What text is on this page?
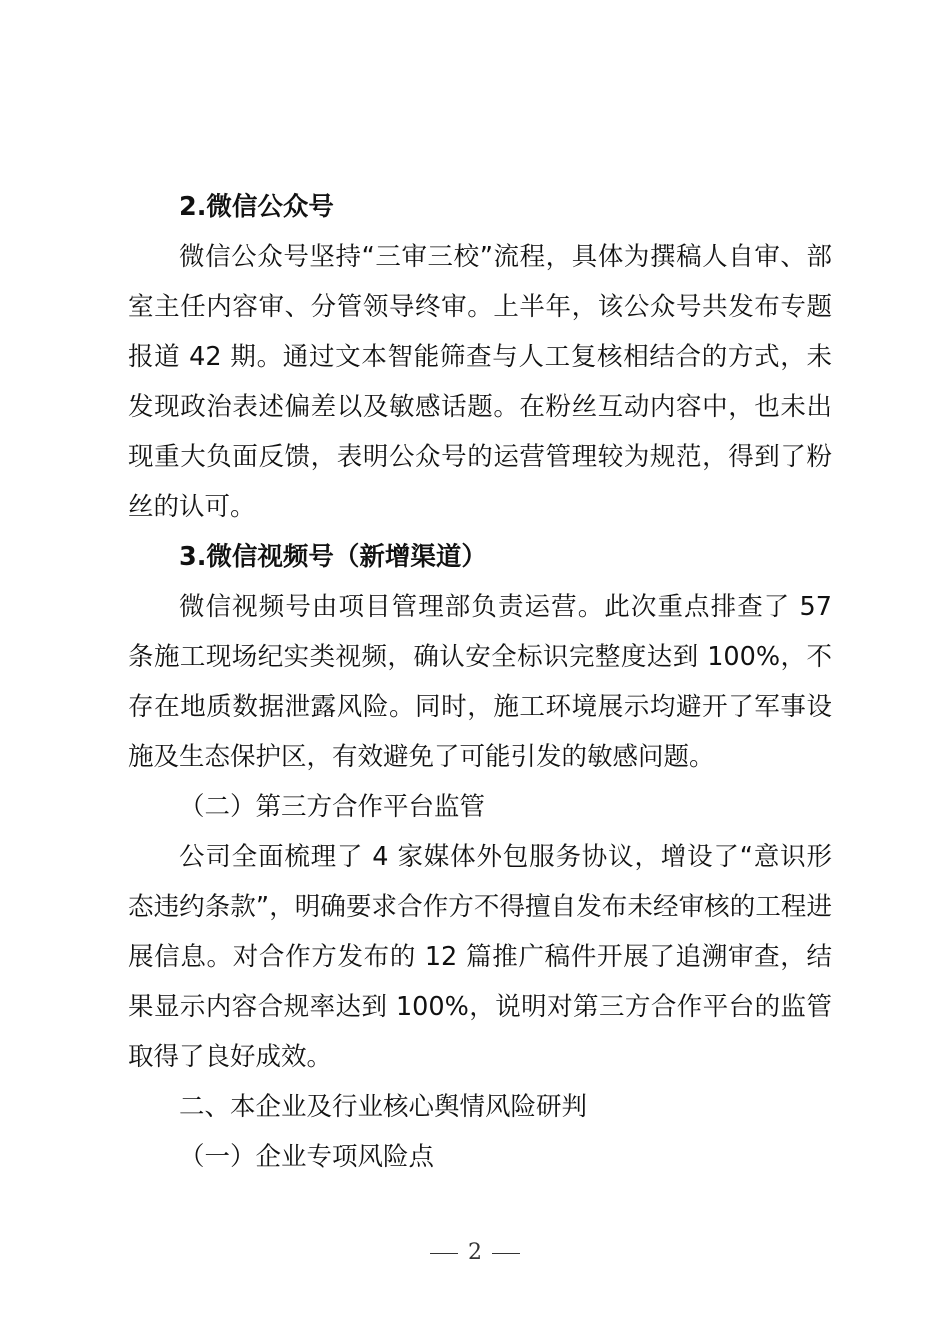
2.微信公众号

微信公众号坚持“三审三校”流程，具体为撰稿人自审、部室主任内容审、分管领导终审。上半年，该公众号共发布专题报道 42 期。通过文本智能筛查与人工复核相结合的方式，未发现政治表述偏差以及敏感话题。在粉丝互动内容中，也未出现重大负面反馈，表明公众号的运营管理较为规范，得到了粉丝的认可。

3.微信视频号（新增渠道）

微信视频号由项目管理部负责运营。此次重点排查了 57 条施工现场纪实类视频，确认安全标识完整度达到 100%，不存在地质数据泄露风险。同时，施工环境展示均避开了军事设施及生态保护区，有效避免了可能引发的敏感问题。

（二）第三方合作平台监管

公司全面梳理了 4 家媒体外包服务协议，增设了“意识形态违约条款”，明确要求合作方不得擅自发布未经审核的工程进展信息。对合作方发布的 12 篇推广稿件开展了追溯审查，结果显示内容合规率达到 100%，说明对第三方合作平台的监管取得了良好成效。

二、本企业及行业核心舆情风险研判

（一）企业专项风险点

2
